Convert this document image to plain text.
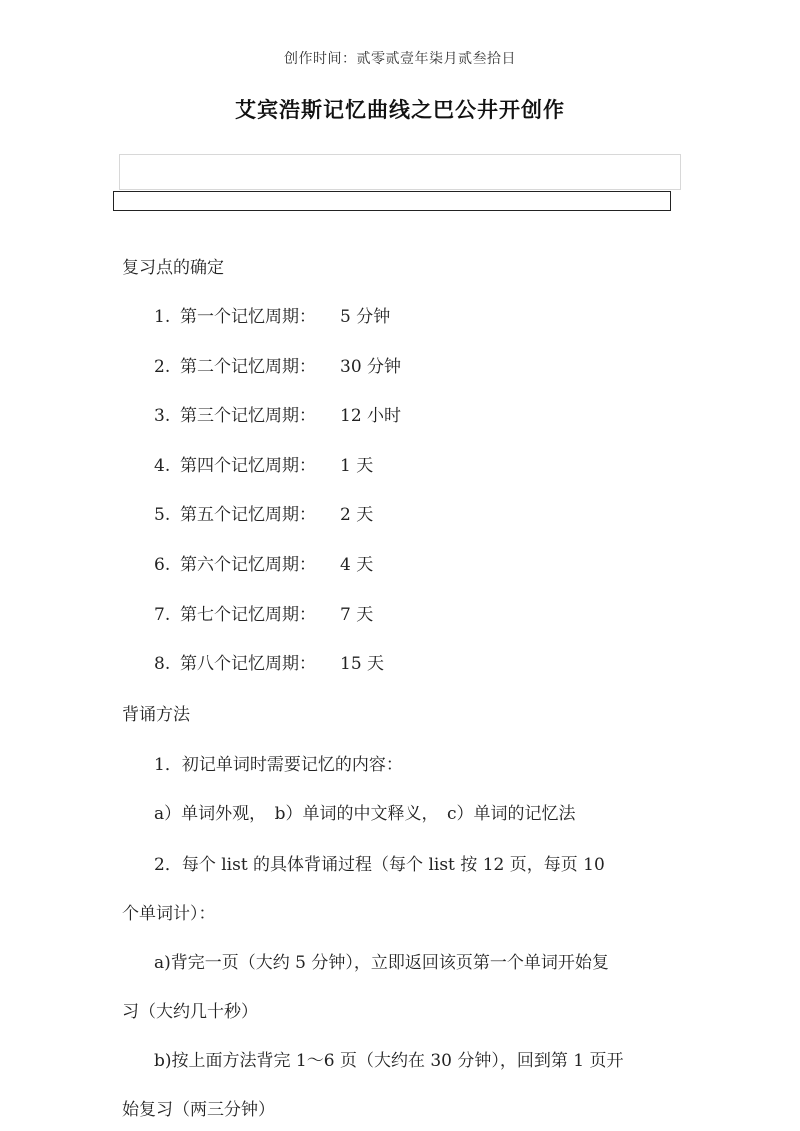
创作时间：贰零贰壹年柒月贰叁拾日
艾宾浩斯记忆曲线之巴公井开创作
复习点的确定
1. 第一个记忆周期： 5 分钟
2. 第二个记忆周期： 30 分钟
3. 第三个记忆周期： 12 小时
4. 第四个记忆周期： 1 天
5. 第五个记忆周期： 2 天
6. 第六个记忆周期： 4 天
7. 第七个记忆周期： 7 天
8. 第八个记忆周期： 15 天
背诵方法
1．初记单词时需要记忆的内容：
a）单词外观，　b）单词的中文释义，　c）单词的记忆法
2．每个 list 的具体背诵过程（每个 list 按 12 页，每页 10
个单词计）：
a)背完一页（大约 5 分钟），立即返回该页第一个单词开始复
习（大约几十秒）
b)按上面方法背完 1～6 页（大约在 30 分钟），回到第 1 页开
始复习（两三分钟）
